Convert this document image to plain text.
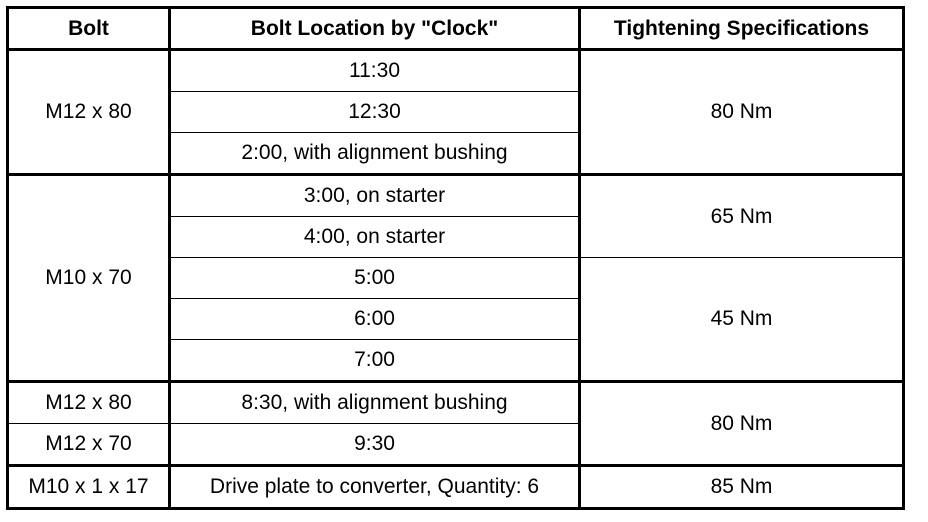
Bolt	Bolt Location by "Clock"	Tightening Specifications
M12 x 80	11:30	80 Nm
	12:30	
	2:00, with alignment bushing	
M10 x 70	3:00, on starter	65 Nm
	4:00, on starter	
	5:00	45 Nm
	6:00	
	7:00	
M12 x 80	8:30, with alignment bushing	80 Nm
M12 x 70	9:30	
M10 x 1 x 17	Drive plate to converter, Quantity: 6	85 Nm
